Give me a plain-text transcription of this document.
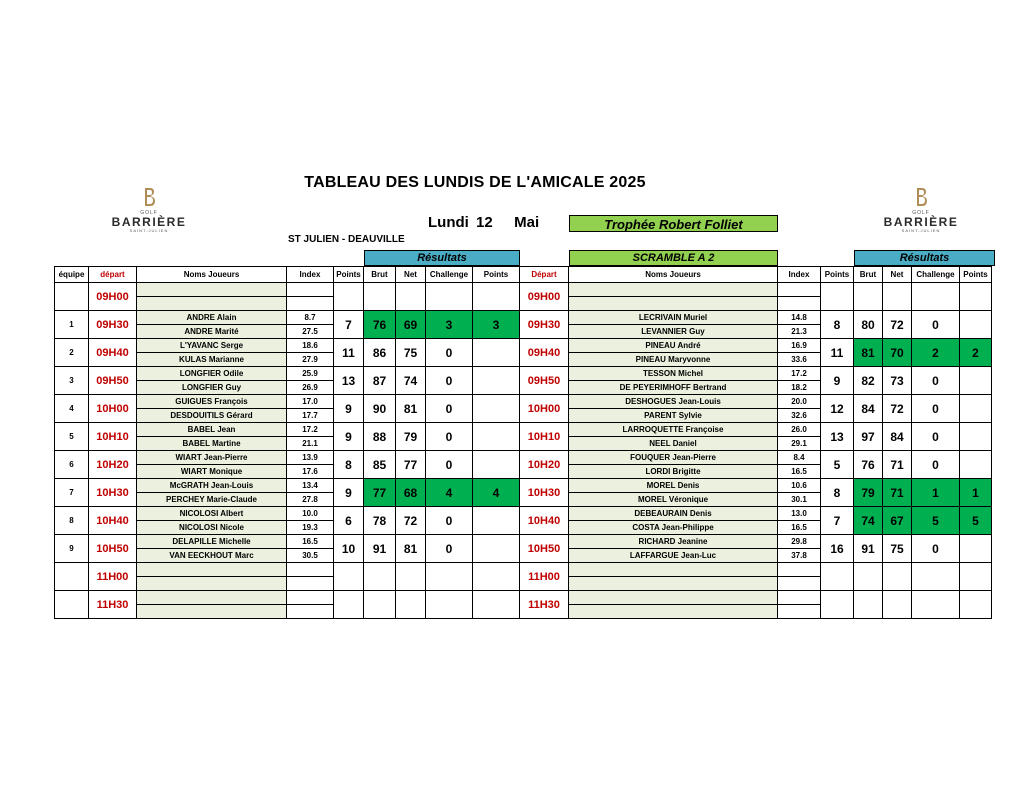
TABLEAU DES LUNDIS DE L'AMICALE 2025
GOLF
BARRIÈRE
SAINT-JULIEN
GOLF
BARRIÈRE
SAINT-JULIEN
Lundi 12   Mai	Trophée Robert Folliet
ST JULIEN - DEAUVILLE
Résultats	SCRAMBLE A 2	Résultats
équipe	départ	Noms Joueurs	Index	Points	Brut	Net	Challenge	Points	Départ	Noms Joueurs	Index	Points	Brut	Net	Challenge	Points
	09H00								09H00							

1	09H30	ANDRE Alain	8.7	7	76	69	3	3	09H30	LECRIVAIN Muriel	14.8	8	80	72	0	
		ANDRE Marité	27.5							LEVANNIER Guy	21.3					
2	09H40	L'YAVANC Serge	18.6	11	86	75	0		09H40	PINEAU André	16.9	11	81	70	2	2
		KULAS Marianne	27.9							PINEAU Maryvonne	33.6					
3	09H50	LONGFIER Odile	25.9	13	87	74	0		09H50	TESSON Michel	17.2	9	82	73	0	
		LONGFIER Guy	26.9							DE PEYERIMHOFF Bertrand	18.2					
4	10H00	GUIGUES François	17.0	9	90	81	0		10H00	DESHOGUES Jean-Louis	20.0	12	84	72	0	
		DESDOUITILS Gérard	17.7							PARENT Sylvie	32.6					
5	10H10	BABEL Jean	17.2	9	88	79	0		10H10	LARROQUETTE Françoise	26.0	13	97	84	0	
		BABEL Martine	21.1							NEEL Daniel	29.1					
6	10H20	WIART Jean-Pierre	13.9	8	85	77	0		10H20	FOUQUER Jean-Pierre	8.4	5	76	71	0	
		WIART Monique	17.6							LORDI Brigitte	16.5					
7	10H30	McGRATH Jean-Louis	13.4	9	77	68	4	4	10H30	MOREL Denis	10.6	8	79	71	1	1
		PERCHEY Marie-Claude	27.8							MOREL Véronique	30.1					
8	10H40	NICOLOSI Albert	10.0	6	78	72	0		10H40	DEBEAURAIN Denis	13.0	7	74	67	5	5
		NICOLOSI Nicole	19.3							COSTA Jean-Philippe	16.5					
9	10H50	DELAPILLE Michelle	16.5	10	91	81	0		10H50	RICHARD Jeanine	29.8	16	91	75	0	
		VAN EECKHOUT Marc	30.5							LAFFARGUE Jean-Luc	37.8					
	11H00								11H00							

	11H30								11H30							
